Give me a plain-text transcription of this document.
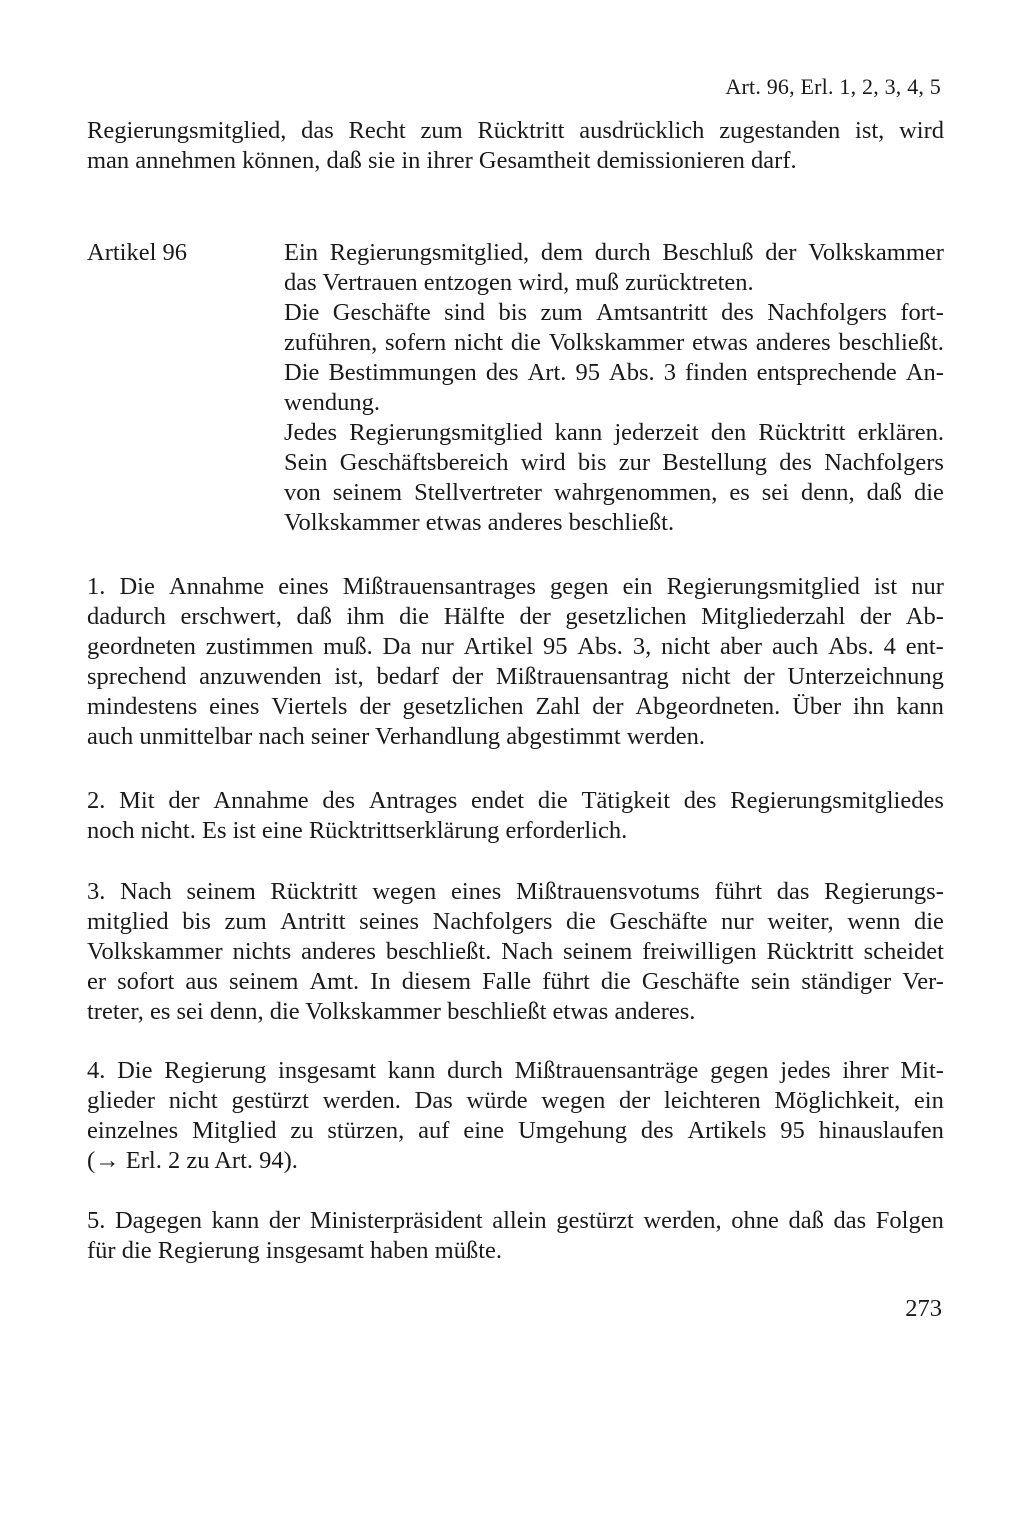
Art. 96, Erl. 1, 2, 3, 4, 5
Regierungsmitglied, das Recht zum Rücktritt ausdrücklich zugestanden ist, wird
man annehmen können, daß sie in ihrer Gesamtheit demissionieren darf.
Artikel 96	Ein Regierungsmitglied, dem durch Beschluß der Volkskammer
das Vertrauen entzogen wird, muß zurücktreten.
Die Geschäfte sind bis zum Amtsantritt des Nachfolgers fort-
zuführen, sofern nicht die Volkskammer etwas anderes beschließt.
Die Bestimmungen des Art. 95 Abs. 3 finden entsprechende An-
wendung.
Jedes Regierungsmitglied kann jederzeit den Rücktritt erklären.
Sein Geschäftsbereich wird bis zur Bestellung des Nachfolgers
von seinem Stellvertreter wahrgenommen, es sei denn, daß die
Volkskammer etwas anderes beschließt.
1. Die Annahme eines Mißtrauensantrages gegen ein Regierungsmitglied ist nur
dadurch erschwert, daß ihm die Hälfte der gesetzlichen Mitgliederzahl der Ab-
geordneten zustimmen muß. Da nur Artikel 95 Abs. 3, nicht aber auch Abs. 4 ent-
sprechend anzuwenden ist, bedarf der Mißtrauensantrag nicht der Unterzeichnung
mindestens eines Viertels der gesetzlichen Zahl der Abgeordneten. Über ihn kann
auch unmittelbar nach seiner Verhandlung abgestimmt werden.
2. Mit der Annahme des Antrages endet die Tätigkeit des Regierungsmitgliedes
noch nicht. Es ist eine Rücktrittserklärung erforderlich.
3. Nach seinem Rücktritt wegen eines Mißtrauensvotums führt das Regierungs-
mitglied bis zum Antritt seines Nachfolgers die Geschäfte nur weiter, wenn die
Volkskammer nichts anderes beschließt. Nach seinem freiwilligen Rücktritt scheidet
er sofort aus seinem Amt. In diesem Falle führt die Geschäfte sein ständiger Ver-
treter, es sei denn, die Volkskammer beschließt etwas anderes.
4. Die Regierung insgesamt kann durch Mißtrauensanträge gegen jedes ihrer Mit-
glieder nicht gestürzt werden. Das würde wegen der leichteren Möglichkeit, ein
einzelnes Mitglied zu stürzen, auf eine Umgehung des Artikels 95 hinauslaufen
(→ Erl. 2 zu Art. 94).
5. Dagegen kann der Ministerpräsident allein gestürzt werden, ohne daß das Folgen
für die Regierung insgesamt haben müßte.
273
